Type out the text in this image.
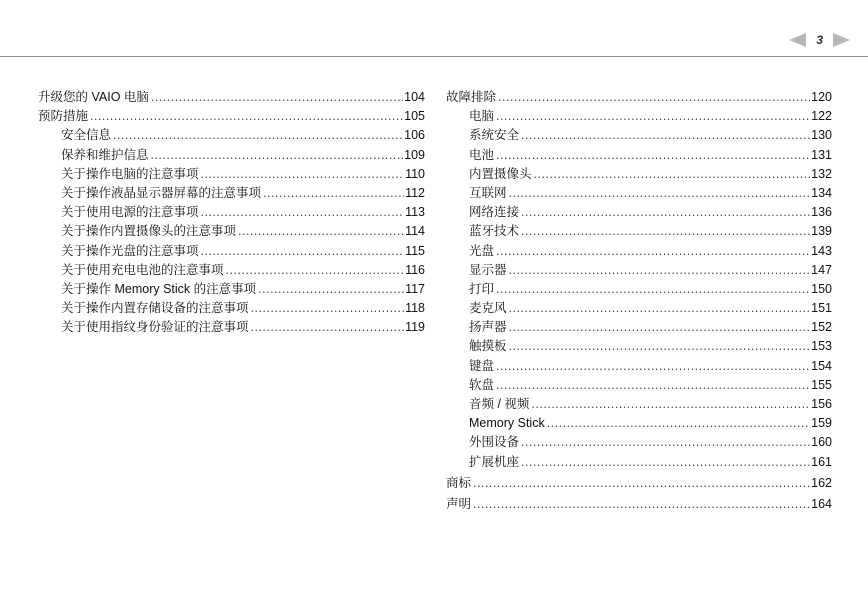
3
升级您的 VAIO 电脑 .....	104
预防措施 .....	105
安全信息 .....	106
保养和维护信息 .....	109
关于操作电脑的注意事项 .....	110
关于操作液晶显示器屏幕的注意事项 .....	112
关于使用电源的注意事项 .....	113
关于操作内置摄像头的注意事项 .....	114
关于操作光盘的注意事项 .....	115
关于使用充电电池的注意事项 .....	116
关于操作 Memory Stick 的注意事项 .....	117
关于操作内置存储设备的注意事项 .....	118
关于使用指纹身份验证的注意事项 .....	119
故障排除 .....	120
电脑 .....	122
系统安全 .....	130
电池 .....	131
内置摄像头 .....	132
互联网 .....	134
网络连接 .....	136
蓝牙技术 .....	139
光盘 .....	143
显示器 .....	147
打印 .....	150
麦克风 .....	151
扬声器 .....	152
触摸板 .....	153
键盘 .....	154
软盘 .....	155
音频 / 视频 .....	156
Memory Stick .....	159
外围设备 .....	160
扩展机座 .....	161
商标 .....	162
声明 .....	164
